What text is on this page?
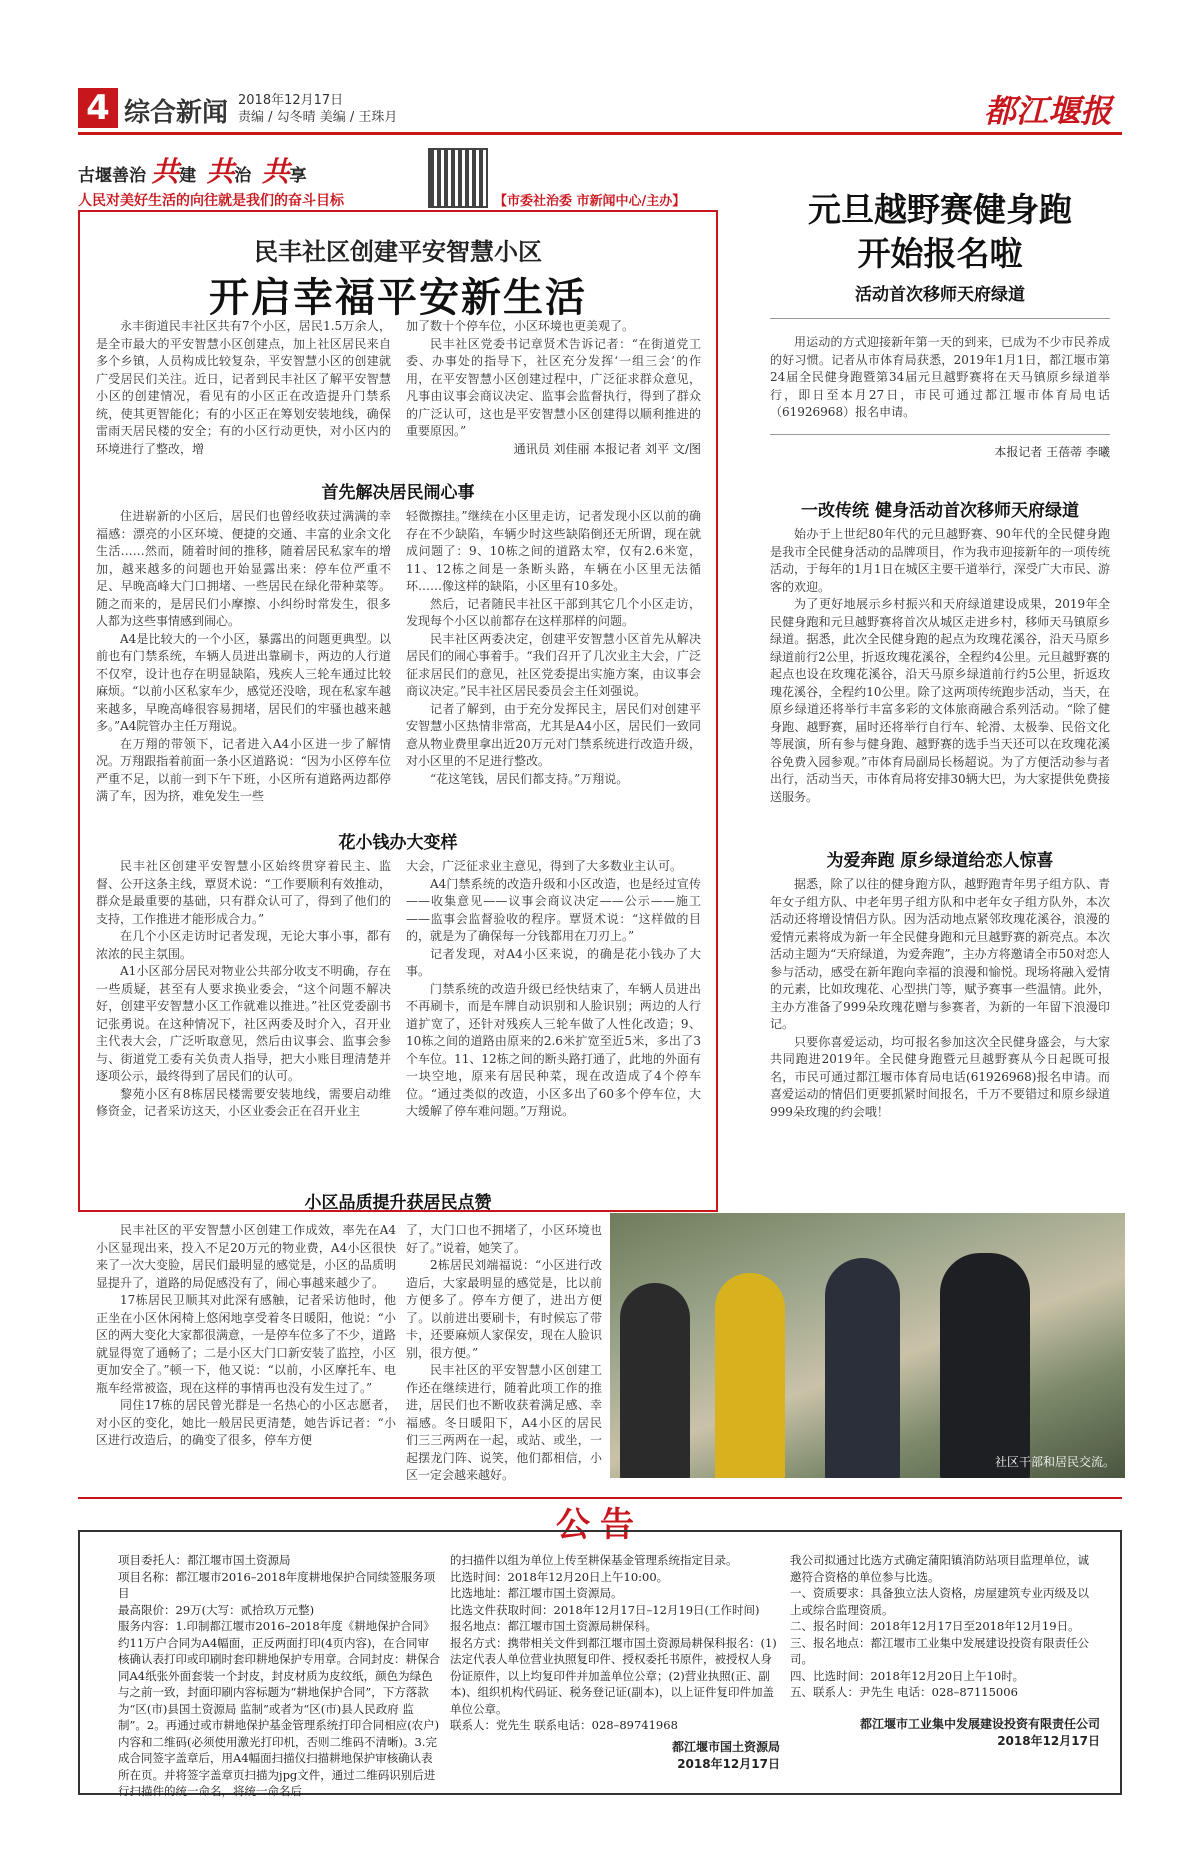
4 综合新闻 2018年12月17日
责编 / 勾冬晴 美编 / 王珠月	都江堰报
古堰善治 共建 共治 共享
人民对美好生活的向往就是我们的奋斗目标	【市委社治委 市新闻中心/主办】
民丰社区创建平安智慧小区
开启幸福平安新生活

永丰街道民丰社区共有7个小区，居民1.5万余人，是全市最大的平安智慧小区创建点，加上社区居民来自多个乡镇，人员构成比较复杂，平安智慧小区的创建就广受居民们关注。近日，记者到民丰社区了解平安智慧小区的创建情况，看见有的小区正在改造提升门禁系统，使其更智能化；有的小区正在筹划安装地线，确保雷雨天居民楼的安全；有的小区行动更快，对小区内的环境进行了整改，增

加了数十个停车位，小区环境也更美观了。

民丰社区党委书记章贤术告诉记者：“在街道党工委、办事处的指导下，社区充分发挥‘一组三会’的作用，在平安智慧小区创建过程中，广泛征求群众意见，凡事由议事会商议决定、监事会监督执行，得到了群众的广泛认可，这也是平安智慧小区创建得以顺利推进的重要原因。”

通讯员 刘佳丽 本报记者 刘平 文/图
首先解决居民闹心事

住进崭新的小区后，居民们也曾经收获过满满的幸福感：漂亮的小区环境、便捷的交通、丰富的业余文化生活……然而，随着时间的推移，随着居民私家车的增加，越来越多的问题也开始显露出来：停车位严重不足、早晚高峰大门口拥堵、一些居民在绿化带种菜等。随之而来的，是居民们小摩擦、小纠纷时常发生，很多人都为这些事情感到闹心。

A4是比较大的一个小区，暴露出的问题更典型。以前也有门禁系统，车辆人员进出靠刷卡，两边的人行道不仅窄，设计也存在明显缺陷，残疾人三轮车通过比较麻烦。“以前小区私家车少，感觉还没啥，现在私家车越来越多，早晚高峰很容易拥堵，居民们的牢骚也越来越多。”A4院管办主任万翔说。

在万翔的带领下，记者进入A4小区进一步了解情况。万翔跟指着前面一条小区道路说：“因为小区停车位严重不足，以前一到下午下班，小区所有道路两边都停满了车，因为挤，难免发生一些

轻微擦挂。”继续在小区里走访，记者发现小区以前的确存在不少缺陷，车辆少时这些缺陷倒还无所谓，现在就成问题了：9、10栋之间的道路太窄，仅有2.6米宽，11、12栋之间是一条断头路，车辆在小区里无法循环……像这样的缺陷，小区里有10多处。

然后，记者随民丰社区干部到其它几个小区走访，发现每个小区以前都存在这样那样的问题。

民丰社区两委决定，创建平安智慧小区首先从解决居民们的闹心事着手。“我们召开了几次业主大会，广泛征求居民们的意见，社区党委提出实施方案，由议事会商议决定。”民丰社区居民委员会主任刘强说。

记者了解到，由于充分发挥民主，居民们对创建平安智慧小区热情非常高，尤其是A4小区，居民们一致同意从物业费里拿出近20万元对门禁系统进行改造升级，对小区里的不足进行整改。

“花这笔钱，居民们都支持。”万翔说。

花小钱办大变样

民丰社区创建平安智慧小区始终贯穿着民主、监督、公开这条主线，覃贤术说：“工作要顺利有效推动，群众是最重要的基础，只有群众认可了，得到了他们的支持，工作推进才能形成合力。”

在几个小区走访时记者发现，无论大事小事，都有浓浓的民主氛围。

A1小区部分居民对物业公共部分收支不明确，存在一些质疑，甚至有人要求换业委会，“这个问题不解决好，创建平安智慧小区工作就难以推进。”社区党委副书记张勇说。在这种情况下，社区两委及时介入，召开业主代表大会，广泛听取意见，然后由议事会、监事会参与、街道党工委有关负责人指导，把大小账目理清楚并逐项公示，最终得到了居民们的认可。

黎苑小区有8栋居民楼需要安装地线，需要启动维修资金，记者采访这天，小区业委会正在召开业主

大会，广泛征求业主意见，得到了大多数业主认可。

A4门禁系统的改造升级和小区改造，也是经过宣传——收集意见——议事会商议决定——公示——施工——监事会监督验收的程序。覃贤术说：“这样做的目的，就是为了确保每一分钱都用在刀刃上。”

记者发现，对A4小区来说，的确是花小钱办了大事。

门禁系统的改造升级已经快结束了，车辆人员进出不再刷卡，而是车牌自动识别和人脸识别；两边的人行道扩宽了，还针对残疾人三轮车做了人性化改造；9、10栋之间的道路由原来的2.6米扩宽至近5米，多出了3个车位。11、12栋之间的断头路打通了，此地的外面有一块空地，原来有居民种菜，现在改造成了4个停车位。“通过类似的改造，小区多出了60多个停车位，大大缓解了停车难问题。”万翔说。

小区品质提升获居民点赞

民丰社区的平安智慧小区创建工作成效，率先在A4小区显现出来，投入不足20万元的物业费，A4小区很快来了一次大变脸，居民们最明显的感觉是，小区的品质明显提升了，道路的局促感没有了，闹心事越来越少了。

17栋居民卫顺其对此深有感触，记者采访他时，他正坐在小区休闲椅上悠闲地享受着冬日暖阳，他说：“小区的两大变化大家都很满意，一是停车位多了不少，道路就显得宽了通畅了；二是小区大门口新安装了监控，小区更加安全了。”顿一下，他又说：“以前，小区摩托车、电瓶车经常被盗，现在这样的事情再也没有发生过了。”

同住17栋的居民曾光群是一名热心的小区志愿者，对小区的变化，她比一般居民更清楚，她告诉记者：“小区进行改造后，的确变了很多，停车方便

了，大门口也不拥堵了，小区环境也好了。”说着，她笑了。

2栋居民刘端福说：“小区进行改造后，大家最明显的感觉是，比以前方便多了。停车方便了，进出方便了。以前进出要刷卡，有时候忘了带卡，还要麻烦人家保安，现在人脸识别，很方便。”

民丰社区的平安智慧小区创建工作还在继续进行，随着此项工作的推进，居民们也不断收获着满足感、幸福感。冬日暖阳下，A4小区的居民们三三两两在一起，或站、或坐，一起摆龙门阵、说笑，他们都相信，小区一定会越来越好。

社区干部和居民交流。
元旦越野赛健身跑
开始报名啦
活动首次移师天府绿道

用运动的方式迎接新年第一天的到来，已成为不少市民养成的好习惯。记者从市体育局获悉，2019年1月1日，都江堰市第24届全民健身跑暨第34届元旦越野赛将在天马镇原乡绿道举行，即日至本月27日，市民可通过都江堰市体育局电话（61926968）报名申请。

本报记者 王蓓蒂 李曦
一改传统 健身活动首次移师天府绿道

始办于上世纪80年代的元旦越野赛、90年代的全民健身跑是我市全民健身活动的品牌项目，作为我市迎接新年的一项传统活动，于每年的1月1日在城区主要干道举行，深受广大市民、游客的欢迎。

为了更好地展示乡村振兴和天府绿道建设成果，2019年全民健身跑和元旦越野赛将首次从城区走进乡村，移师天马镇原乡绿道。据悉，此次全民健身跑的起点为玫瑰花溪谷，沿天马原乡绿道前行2公里，折返玫瑰花溪谷，全程约4公里。元旦越野赛的起点也设在玫瑰花溪谷，沿天马原乡绿道前行约5公里，折返玫瑰花溪谷，全程约10公里。除了这两项传统跑步活动，当天，在原乡绿道还将举行丰富多彩的文体旅商融合系列活动。“除了健身跑、越野赛，届时还将举行自行车、轮滑、太极拳、民俗文化等展演，所有参与健身跑、越野赛的选手当天还可以在玫瑰花溪谷免费入园参观。”市体育局副局长杨超说。为了方便活动参与者出行，活动当天，市体育局将安排30辆大巴，为大家提供免费接送服务。

为爱奔跑 原乡绿道给恋人惊喜

据悉，除了以往的健身跑方队，越野跑青年男子组方队、青年女子组方队、中老年男子组方队和中老年女子组方队外，本次活动还将增设情侣方队。因为活动地点紧邻玫瑰花溪谷，浪漫的爱情元素将成为新一年全民健身跑和元旦越野赛的新亮点。本次活动主题为“天府绿道，为爱奔跑”，主办方将邀请全市50对恋人参与活动，感受在新年跑向幸福的浪漫和愉悦。现场将融入爱情的元素，比如玫瑰花、心型拱门等，赋予赛事一些温情。此外，主办方准备了999朵玫瑰花赠与参赛者，为新的一年留下浪漫印记。

只要你喜爱运动，均可报名参加这次全民健身盛会，与大家共同跑进2019年。全民健身跑暨元旦越野赛从今日起既可报名，市民可通过都江堰市体育局电话(61926968)报名申请。而喜爱运动的情侣们更要抓紧时间报名，千万不要错过和原乡绿道999朵玫瑰的约会哦！

公告
项目委托人：都江堰市国土资源局
项目名称：都江堰市2016–2018年度耕地保护合同续签服务项目
最高限价：29万(大写：贰拾玖万元整)
服务内容：1.印制都江堰市2016–2018年度《耕地保护合同》约11万户合同为A4幅面，正反两面打印(4页内容)，在合同审核确认表打印或印刷时套印耕地保护专用章。合同封皮：耕保合同A4纸张外面套装一个封皮，封皮材质为皮纹纸，颜色为绿色与之前一致，封面印刷内容标题为“耕地保护合同”，下方落款为“区(市)县国土资源局 监制”或者为“区(市)县人民政府 监制”。2。再通过或市耕地保护基金管理系统打印合同相应(农户)内容和二维码(必须使用激光打印机，否则二维码不清晰)。3.完成合同签字盖章后，用A4幅面扫描仪扫描耕地保护审核确认表所在页。并将签字盖章页扫描为jpg文件，通过二维码识别后进行扫描件的统一命名，将统一命名后
的扫描件以组为单位上传至耕保基金管理系统指定目录。
比选时间：2018年12月20日上午10:00。
比选地址：都江堰市国土资源局。
比选文件获取时间：2018年12月17日–12月19日(工作时间)
报名地点：都江堰市国土资源局耕保科。
报名方式：携带相关文件到都江堰市国土资源局耕保科报名：(1)法定代表人单位营业执照复印件、授权委托书原件，被授权人身份证原件，以上均复印件并加盖单位公章；(2)营业执照(正、副本)、组织机构代码证、税务登记证(副本)，以上证件复印件加盖单位公章。
联系人：党先生 联系电话：028–89741968
都江堰市国土资源局
2018年12月17日
我公司拟通过比选方式确定蒲阳镇消防站项目监理单位，诚邀符合资格的单位参与比选。
一、资质要求：具备独立法人资格，房屋建筑专业丙级及以上或综合监理资质。
二、报名时间：2018年12月17日至2018年12月19日。
三、报名地点：都江堰市工业集中发展建设投资有限责任公司。
四、比选时间：2018年12月20日上午10时。
五、联系人：尹先生 电话：028–87115006
都江堰市工业集中发展建设投资有限责任公司
2018年12月17日
